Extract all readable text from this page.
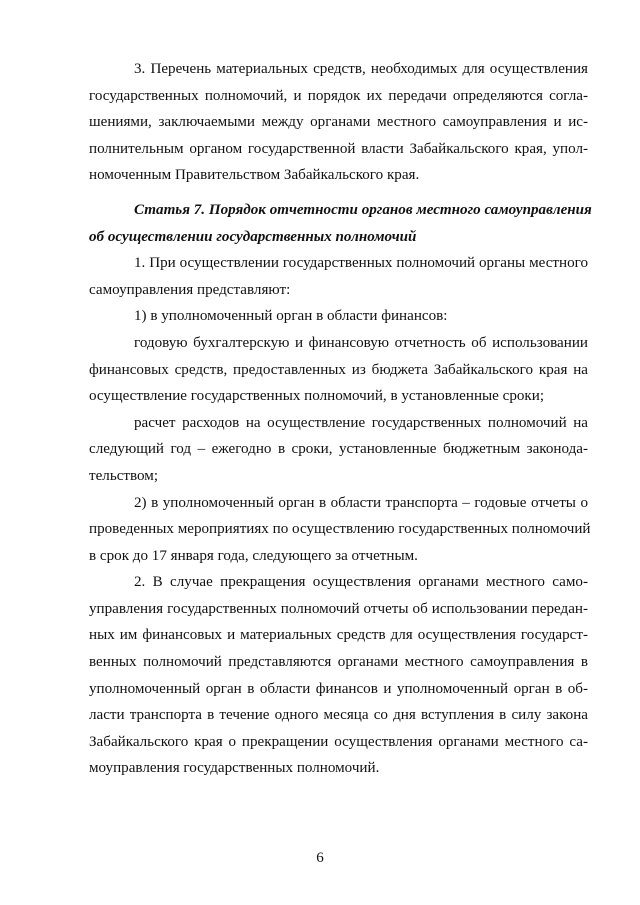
3. Перечень материальных средств, необходимых для осуществления
государственных полномочий, и порядок их передачи определяются согла-
шениями, заключаемыми между органами местного самоуправления и ис-
полнительным органом государственной власти Забайкальского края, упол-
номоченным Правительством Забайкальского края.
Статья 7. Порядок отчетности органов местного самоуправления
об осуществлении государственных полномочий
1. При осуществлении государственных полномочий органы местного
самоуправления представляют:
1) в уполномоченный орган в области финансов:
годовую бухгалтерскую и финансовую отчетность об использовании
финансовых средств, предоставленных из бюджета Забайкальского края на
осуществление государственных полномочий, в установленные сроки;
расчет расходов на осуществление государственных полномочий на
следующий год – ежегодно в сроки, установленные бюджетным законода-
тельством;
2) в уполномоченный орган в области транспорта – годовые отчеты о
проведенных мероприятиях по осуществлению государственных полномочий
в срок до 17 января года, следующего за отчетным.
2. В случае прекращения осуществления органами местного само-
управления государственных полномочий отчеты об использовании передан-
ных им финансовых и материальных средств для осуществления государст-
венных полномочий представляются органами местного самоуправления в
уполномоченный орган в области финансов и уполномоченный орган в об-
ласти транспорта в течение одного месяца со дня вступления в силу закона
Забайкальского края о прекращении осуществления органами местного са-
моуправления государственных полномочий.
6
